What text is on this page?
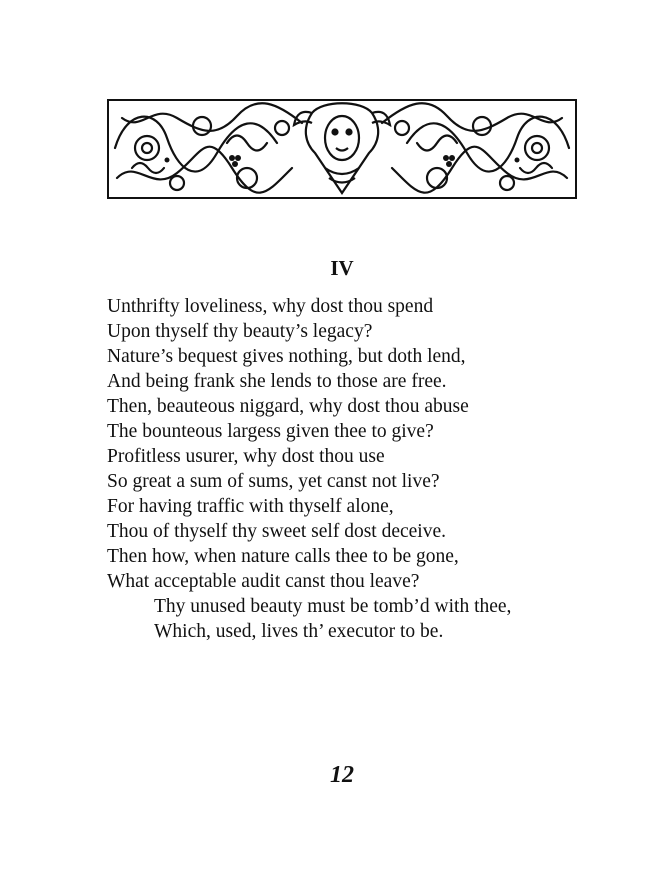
IV
Unthrifty loveliness, why dost thou spend
Upon thyself thy beauty’s legacy?
Nature’s bequest gives nothing, but doth lend,
And being frank she lends to those are free.
Then, beauteous niggard, why dost thou abuse
The bounteous largess given thee to give?
Profitless usurer, why dost thou use
So great a sum of sums, yet canst not live?
For having traffic with thyself alone,
Thou of thyself thy sweet self dost deceive.
Then how, when nature calls thee to be gone,
What acceptable audit canst thou leave?
Thy unused beauty must be tomb’d with thee,
Which, used, lives th’ executor to be.
12
